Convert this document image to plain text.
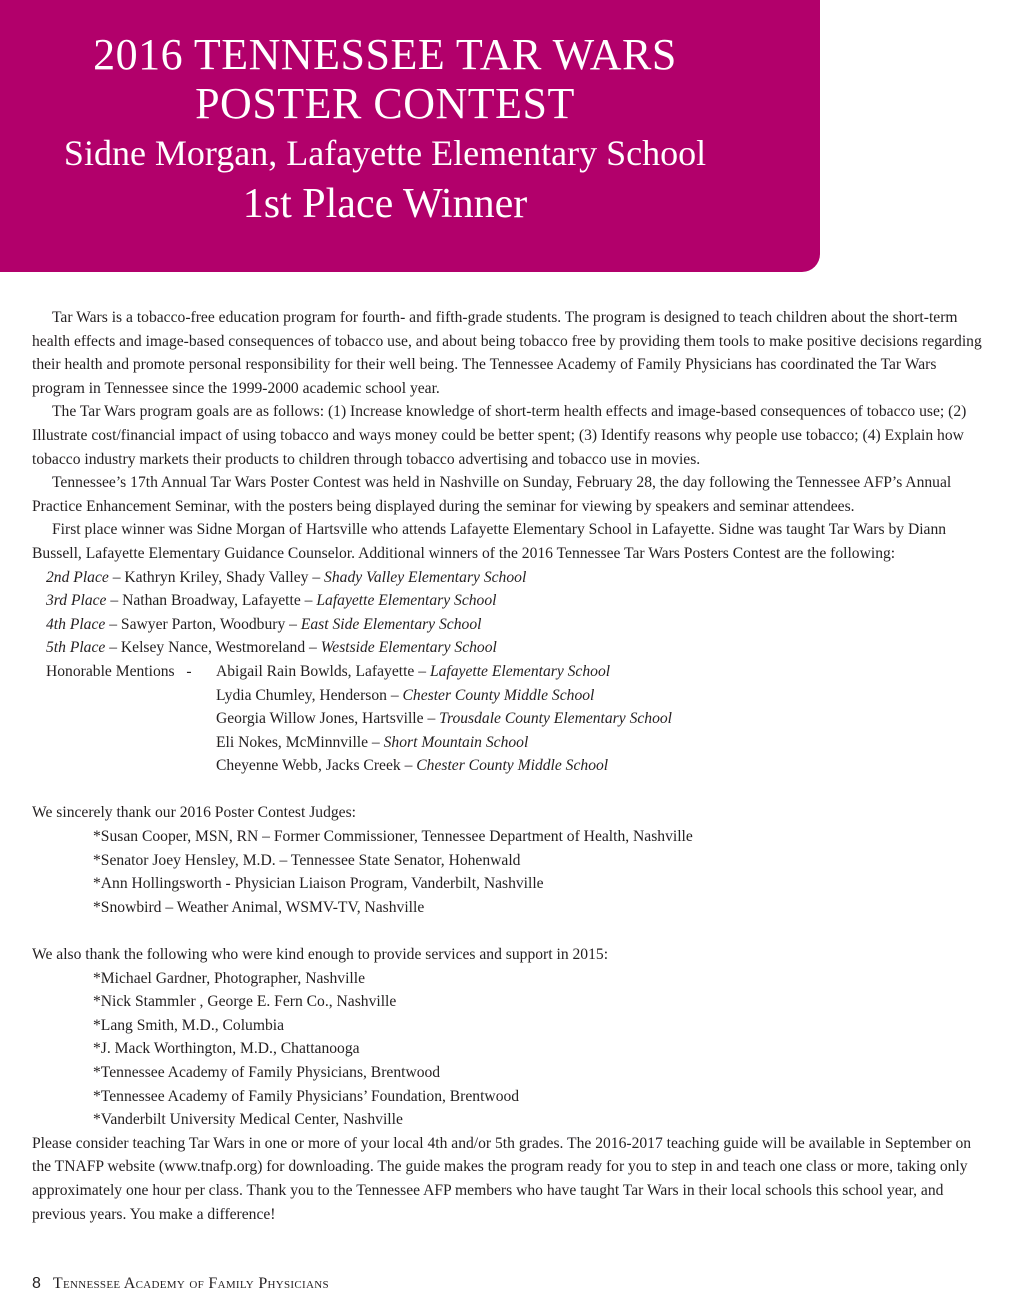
2016 TENNESSEE TAR WARS
POSTER CONTEST
Sidne Morgan, Lafayette Elementary School
1st Place Winner

Tar Wars is a tobacco-free education program for fourth- and fifth-grade students. The program is designed to teach children about the short-term health effects and image-based consequences of tobacco use, and about being tobacco free by providing them tools to make positive decisions regarding their health and promote personal responsibility for their well being. The Tennessee Academy of Family Physicians has coordinated the Tar Wars program in Tennessee since the 1999-2000 academic school year.

The Tar Wars program goals are as follows: (1) Increase knowledge of short-term health effects and image-based consequences of tobacco use; (2) Illustrate cost/financial impact of using tobacco and ways money could be better spent; (3) Identify reasons why people use tobacco; (4) Explain how tobacco industry markets their products to children through tobacco advertising and tobacco use in movies.

Tennessee’s 17th Annual Tar Wars Poster Contest was held in Nashville on Sunday, February 28, the day following the Tennessee AFP’s Annual Practice Enhancement Seminar, with the posters being displayed during the seminar for viewing by speakers and seminar attendees.

First place winner was Sidne Morgan of Hartsville who attends Lafayette Elementary School in Lafayette. Sidne was taught Tar Wars by Diann Bussell, Lafayette Elementary Guidance Counselor. Additional winners of the 2016 Tennessee Tar Wars Posters Contest are the following:

2nd Place – Kathryn Kriley, Shady Valley – Shady Valley Elementary School
3rd Place – Nathan Broadway, Lafayette – Lafayette Elementary School
4th Place – Sawyer Parton, Woodbury – East Side Elementary School
5th Place – Kelsey Nance, Westmoreland – Westside Elementary School
Honorable Mentions   -	Abigail Rain Bowlds, Lafayette – Lafayette Elementary School
Lydia Chumley, Henderson – Chester County Middle School
Georgia Willow Jones, Hartsville – Trousdale County Elementary School
Eli Nokes, McMinnville – Short Mountain School
Cheyenne Webb, Jacks Creek – Chester County Middle School

We sincerely thank our 2016 Poster Contest Judges:

*Susan Cooper, MSN, RN – Former Commissioner, Tennessee Department of Health, Nashville
*Senator Joey Hensley, M.D. – Tennessee State Senator, Hohenwald
*Ann Hollingsworth - Physician Liaison Program, Vanderbilt, Nashville
*Snowbird – Weather Animal, WSMV-TV, Nashville

We also thank the following who were kind enough to provide services and support in 2015:

*Michael Gardner, Photographer, Nashville
*Nick Stammler , George E. Fern Co., Nashville
*Lang Smith, M.D., Columbia
*J. Mack Worthington, M.D., Chattanooga
*Tennessee Academy of Family Physicians, Brentwood
*Tennessee Academy of Family Physicians’ Foundation, Brentwood
*Vanderbilt University Medical Center, Nashville

Please consider teaching Tar Wars in one or more of your local 4th and/or 5th grades. The 2016-2017 teaching guide will be available in September on the TNAFP website (www.tnafp.org) for downloading. The guide makes the program ready for you to step in and teach one class or more, taking only approximately one hour per class. Thank you to the Tennessee AFP members who have taught Tar Wars in their local schools this school year, and previous years. You make a difference!

8 Tennessee Academy of Family Physicians
